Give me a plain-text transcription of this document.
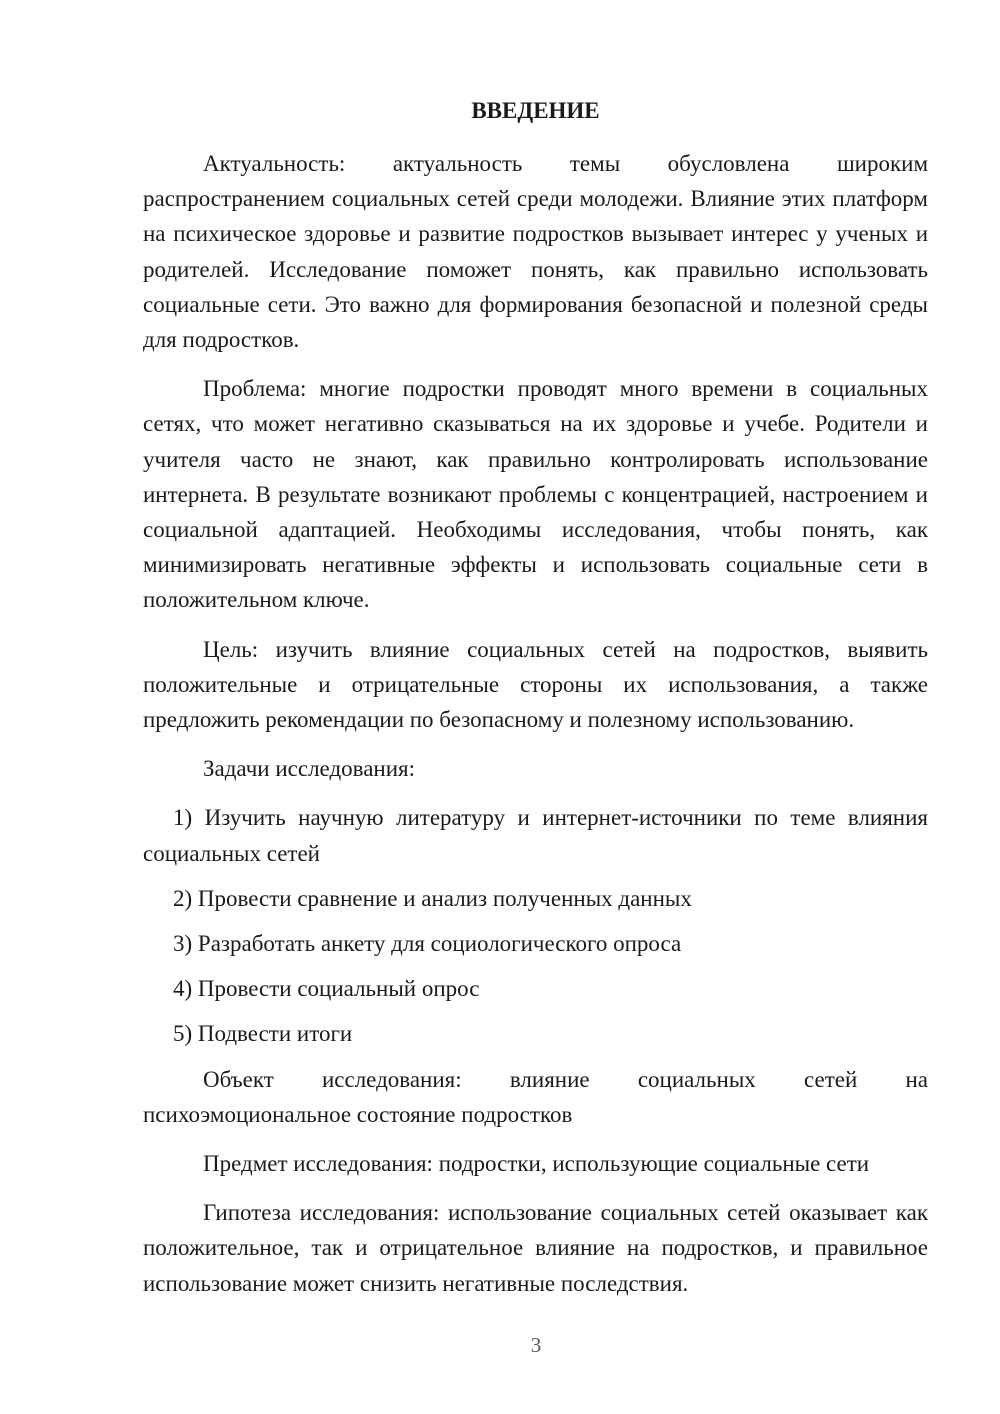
ВВЕДЕНИЕ

Актуальность: актуальность темы обусловлена широким распространением социальных сетей среди молодежи. Влияние этих платформ на психическое здоровье и развитие подростков вызывает интерес у ученых и родителей. Исследование поможет понять, как правильно использовать социальные сети. Это важно для формирования безопасной и полезной среды для подростков.

Проблема: многие подростки проводят много времени в социальных сетях, что может негативно сказываться на их здоровье и учебе. Родители и учителя часто не знают, как правильно контролировать использование интернета. В результате возникают проблемы с концентрацией, настроением и социальной адаптацией. Необходимы исследования, чтобы понять, как минимизировать негативные эффекты и использовать социальные сети в положительном ключе.

Цель: изучить влияние социальных сетей на подростков, выявить положительные и отрицательные стороны их использования, а также предложить рекомендации по безопасному и полезному использованию.

Задачи исследования:

1) Изучить научную литературу и интернет-источники по теме влияния социальных сетей

2) Провести сравнение и анализ полученных данных

3) Разработать анкету для социологического опроса

4) Провести социальный опрос

5) Подвести итоги

Объект исследования: влияние социальных сетей на психоэмоциональное состояние подростков

Предмет исследования: подростки, использующие социальные сети

Гипотеза исследования: использование социальных сетей оказывает как положительное, так и отрицательное влияние на подростков, и правильное использование может снизить негативные последствия.

3
